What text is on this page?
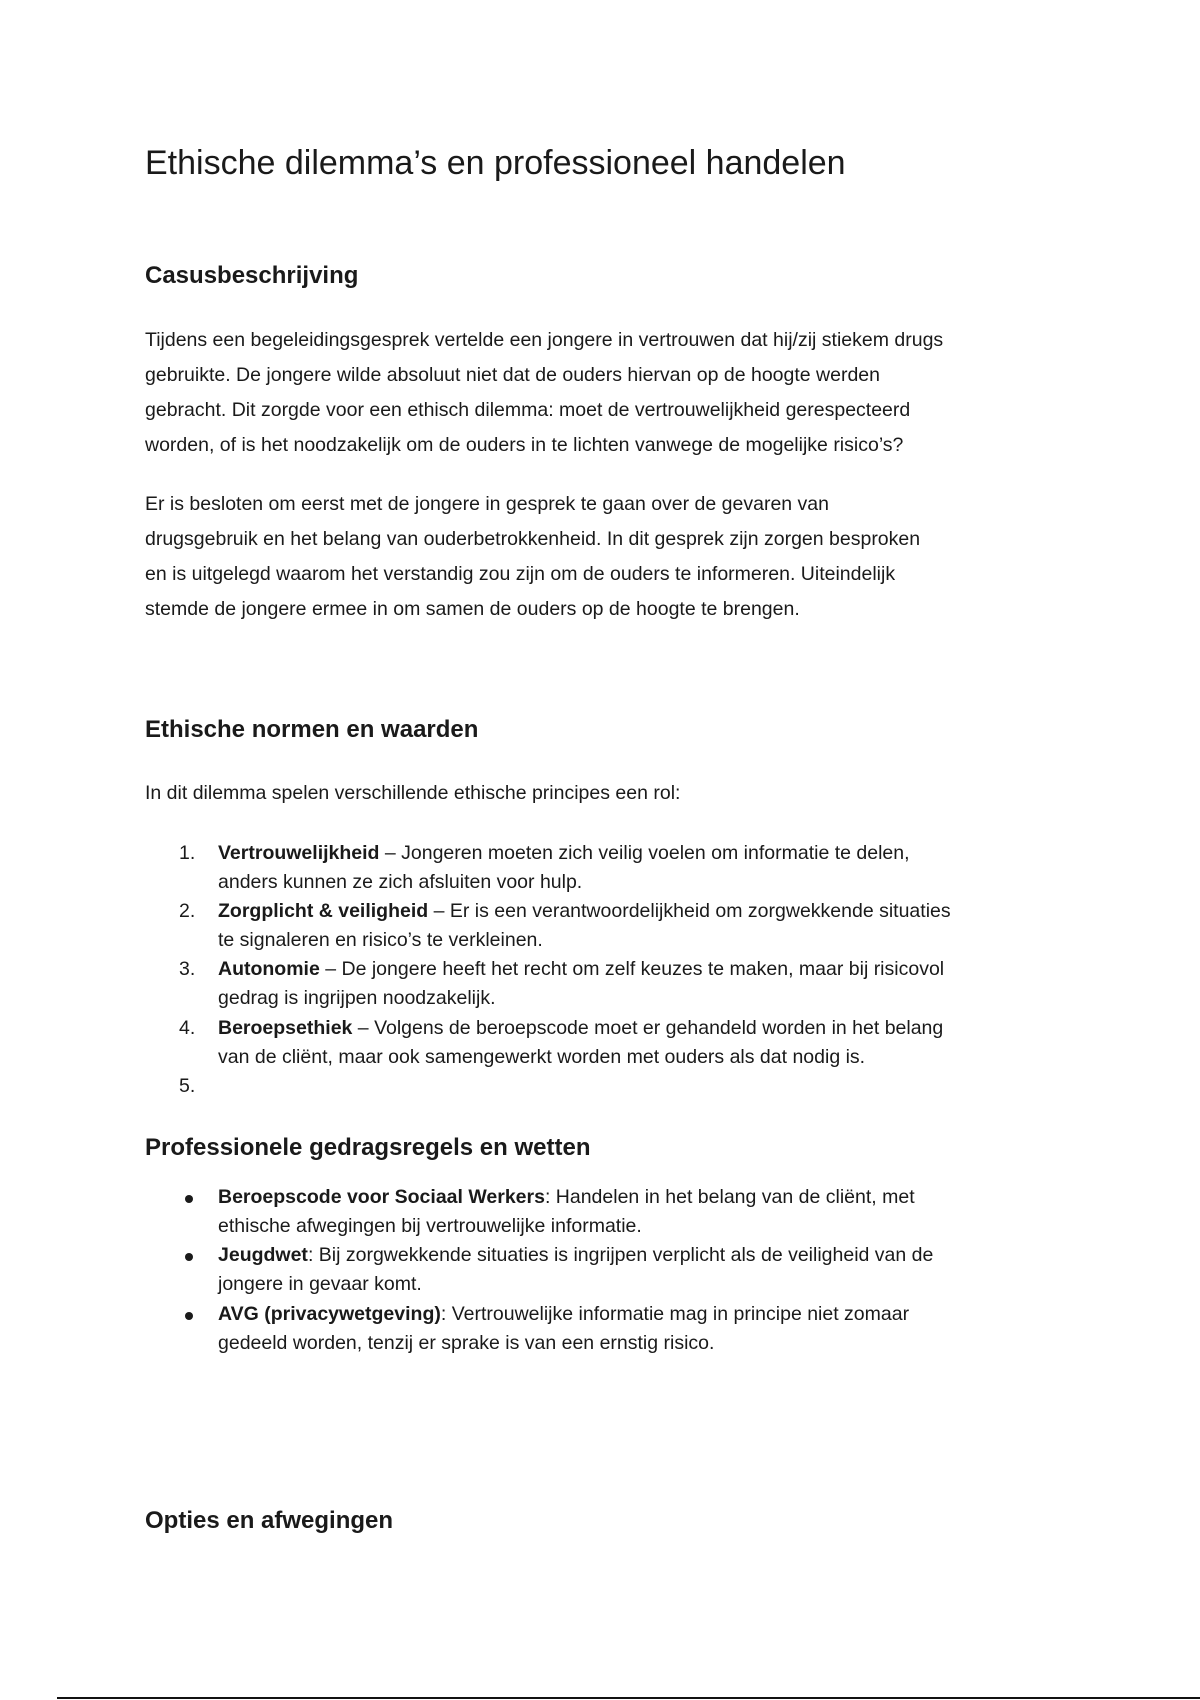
Ethische dilemma’s en professioneel handelen
Casusbeschrijving

Tijdens een begeleidingsgesprek vertelde een jongere in vertrouwen dat hij/zij stiekem drugs
gebruikte. De jongere wilde absoluut niet dat de ouders hiervan op de hoogte werden
gebracht. Dit zorgde voor een ethisch dilemma: moet de vertrouwelijkheid gerespecteerd
worden, of is het noodzakelijk om de ouders in te lichten vanwege de mogelijke risico’s?

Er is besloten om eerst met de jongere in gesprek te gaan over de gevaren van
drugsgebruik en het belang van ouderbetrokkenheid. In dit gesprek zijn zorgen besproken
en is uitgelegd waarom het verstandig zou zijn om de ouders te informeren. Uiteindelijk
stemde de jongere ermee in om samen de ouders op de hoogte te brengen.

Ethische normen en waarden

In dit dilemma spelen verschillende ethische principes een rol:

1. Vertrouwelijkheid – Jongeren moeten zich veilig voelen om informatie te delen,
anders kunnen ze zich afsluiten voor hulp.
2. Zorgplicht & veiligheid – Er is een verantwoordelijkheid om zorgwekkende situaties
te signaleren en risico’s te verkleinen.
3. Autonomie – De jongere heeft het recht om zelf keuzes te maken, maar bij risicovol
gedrag is ingrijpen noodzakelijk.
4. Beroepsethiek – Volgens de beroepscode moet er gehandeld worden in het belang
van de cliënt, maar ook samengewerkt worden met ouders als dat nodig is.
5.
Professionele gedragsregels en wetten
Beroepscode voor Sociaal Werkers: Handelen in het belang van de cliënt, met
ethische afwegingen bij vertrouwelijke informatie.
Jeugdwet: Bij zorgwekkende situaties is ingrijpen verplicht als de veiligheid van de
jongere in gevaar komt.
AVG (privacywetgeving): Vertrouwelijke informatie mag in principe niet zomaar
gedeeld worden, tenzij er sprake is van een ernstig risico.
Opties en afwegingen
